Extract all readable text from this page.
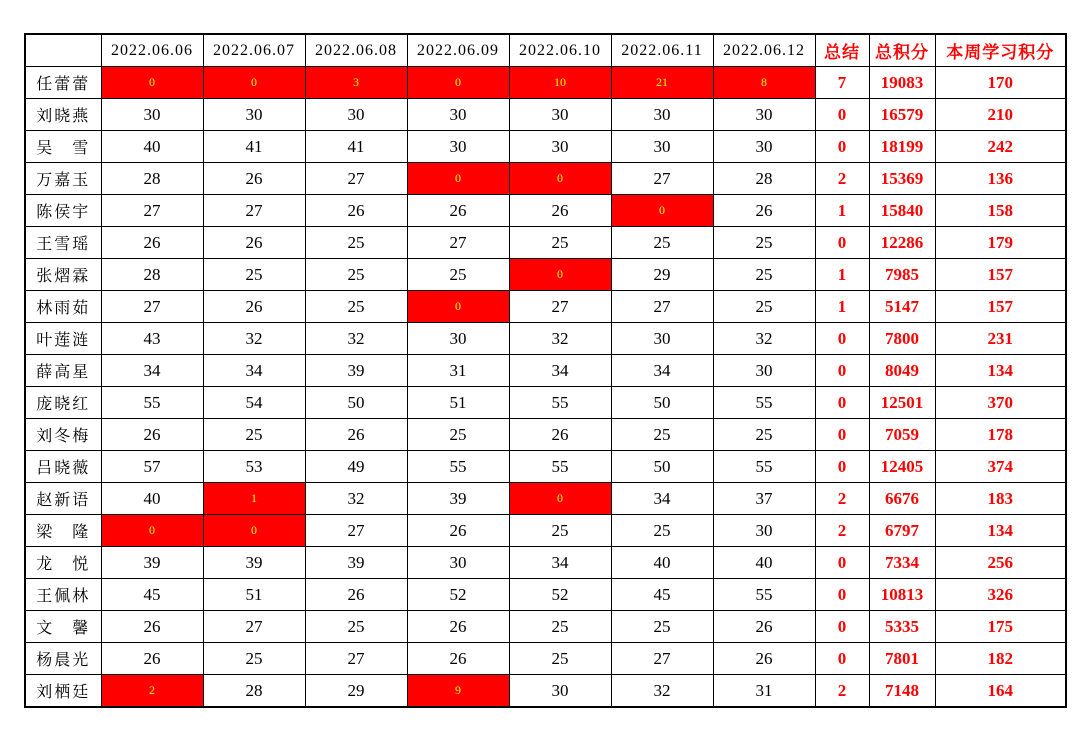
	2022.06.06	2022.06.07	2022.06.08	2022.06.09	2022.06.10	2022.06.11	2022.06.12	总结	总积分	本周学习积分
任蕾蕾	0	0	3	0	10	21	8	7	19083	170
刘晓燕	30	30	30	30	30	30	30	0	16579	210
吴　雪	40	41	41	30	30	30	30	0	18199	242
万嘉玉	28	26	27	0	0	27	28	2	15369	136
陈侯宇	27	27	26	26	26	0	26	1	15840	158
王雪瑶	26	26	25	27	25	25	25	0	12286	179
张熠霖	28	25	25	25	0	29	25	1	7985	157
林雨茹	27	26	25	0	27	27	25	1	5147	157
叶莲涟	43	32	32	30	32	30	32	0	7800	231
薛高星	34	34	39	31	34	34	30	0	8049	134
庞晓红	55	54	50	51	55	50	55	0	12501	370
刘冬梅	26	25	26	25	26	25	25	0	7059	178
吕晓薇	57	53	49	55	55	50	55	0	12405	374
赵新语	40	1	32	39	0	34	37	2	6676	183
梁　隆	0	0	27	26	25	25	30	2	6797	134
龙　悦	39	39	39	30	34	40	40	0	7334	256
王佩林	45	51	26	52	52	45	55	0	10813	326
文　馨	26	27	25	26	25	25	26	0	5335	175
杨晨光	26	25	27	26	25	27	26	0	7801	182
刘栖廷	2	28	29	9	30	32	31	2	7148	164
